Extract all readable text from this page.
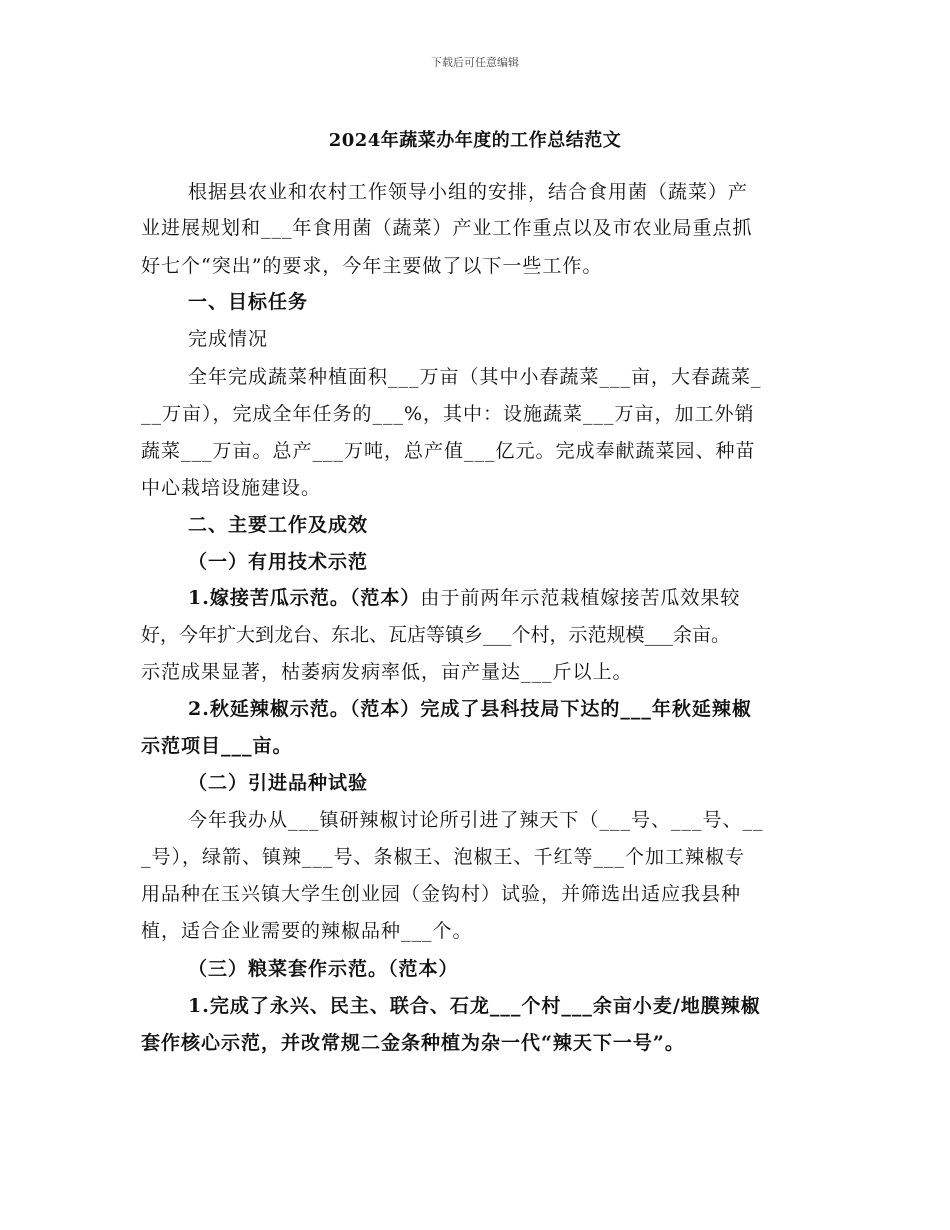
下载后可任意编辑
2024年蔬菜办年度的工作总结范文
根据县农业和农村工作领导小组的安排，结合食用菌（蔬菜）产
业进展规划和___年食用菌（蔬菜）产业工作重点以及市农业局重点抓
好七个“突出”的要求，今年主要做了以下一些工作。
一、目标任务
完成情况
全年完成蔬菜种植面积___万亩（其中小春蔬菜___亩，大春蔬菜_
__万亩），完成全年任务的___%，其中：设施蔬菜___万亩，加工外销
蔬菜___万亩。总产___万吨，总产值___亿元。完成奉献蔬菜园、种苗
中心栽培设施建设。
二、主要工作及成效
（一）有用技术示范
1.嫁接苦瓜示范。（范本）由于前两年示范栽植嫁接苦瓜效果较
好，今年扩大到龙台、东北、瓦店等镇乡___个村，示范规模___余亩。
示范成果显著，枯萎病发病率低，亩产量达___斤以上。
2.秋延辣椒示范。（范本）完成了县科技局下达的___年秋延辣椒
示范项目___亩。
（二）引进品种试验
今年我办从___镇研辣椒讨论所引进了辣天下（___号、___号、__
_号），绿箭、镇辣___号、条椒王、泡椒王、千红等___个加工辣椒专
用品种在玉兴镇大学生创业园（金钩村）试验，并筛选出适应我县种
植，适合企业需要的辣椒品种___个。
（三）粮菜套作示范。（范本）
1.完成了永兴、民主、联合、石龙___个村___余亩小麦/地膜辣椒
套作核心示范，并改常规二金条种植为杂一代“辣天下一号”。
